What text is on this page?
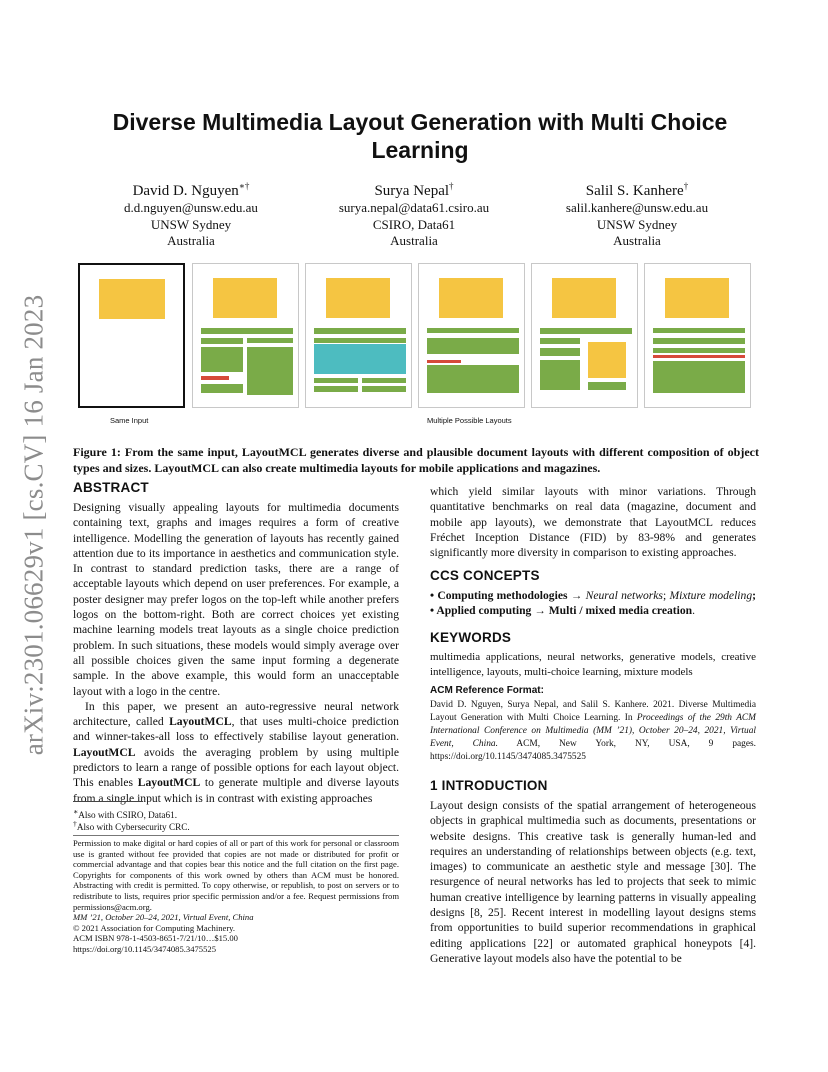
arXiv:2301.06629v1 [cs.CV] 16 Jan 2023
Diverse Multimedia Layout Generation with Multi Choice Learning
David D. Nguyen∗†
d.d.nguyen@unsw.edu.au
UNSW Sydney
Australia
Surya Nepal†
surya.nepal@data61.csiro.au
CSIRO, Data61
Australia
Salil S. Kanhere†
salil.kanhere@unsw.edu.au
UNSW Sydney
Australia
Same Input	Multiple Possible Layouts
Figure 1: From the same input, LayoutMCL generates diverse and plausible document layouts with different composition of object types and sizes. LayoutMCL can also create multimedia layouts for mobile applications and magazines.
ABSTRACT

Designing visually appealing layouts for multimedia documents containing text, graphs and images requires a form of creative intelligence. Modelling the generation of layouts has recently gained attention due to its importance in aesthetics and communication style. In contrast to standard prediction tasks, there are a range of acceptable layouts which depend on user preferences. For example, a poster designer may prefer logos on the top-left while another prefers logos on the bottom-right. Both are correct choices yet existing machine learning models treat layouts as a single choice prediction problem. In such situations, these models would simply average over all possible choices given the same input forming a degenerate sample. In the above example, this would form an unacceptable layout with a logo in the centre.

In this paper, we present an auto-regressive neural network architecture, called LayoutMCL, that uses multi-choice prediction and winner-takes-all loss to effectively stabilise layout generation. LayoutMCL avoids the averaging problem by using multiple predictors to learn a range of possible options for each layout object. This enables LayoutMCL to generate multiple and diverse layouts from a single input which is in contrast with existing approaches

∗Also with CSIRO, Data61.
†Also with Cybersecurity CRC.
Permission to make digital or hard copies of all or part of this work for personal or classroom use is granted without fee provided that copies are not made or distributed for profit or commercial advantage and that copies bear this notice and the full citation on the first page. Copyrights for components of this work owned by others than ACM must be honored. Abstracting with credit is permitted. To copy otherwise, or republish, to post on servers or to redistribute to lists, requires prior specific permission and/or a fee. Request permissions from permissions@acm.org.
MM ’21, October 20–24, 2021, Virtual Event, China
© 2021 Association for Computing Machinery.
ACM ISBN 978-1-4503-8651-7/21/10…$15.00
https://doi.org/10.1145/3474085.3475525
which yield similar layouts with minor variations. Through quantitative benchmarks on real data (magazine, document and mobile app layouts), we demonstrate that LayoutMCL reduces Fréchet Inception Distance (FID) by 83-98% and generates significantly more diversity in comparison to existing approaches.
CCS CONCEPTS
• Computing methodologies → Neural networks; Mixture modeling; • Applied computing → Multi / mixed media creation.
KEYWORDS
multimedia applications, neural networks, generative models, creative intelligence, layouts, multi-choice learning, mixture models
ACM Reference Format:
David D. Nguyen, Surya Nepal, and Salil S. Kanhere. 2021. Diverse Multimedia Layout Generation with Multi Choice Learning. In Proceedings of the 29th ACM International Conference on Multimedia (MM ’21), October 20–24, 2021, Virtual Event, China. ACM, New York, NY, USA, 9 pages. https://doi.org/10.1145/3474085.3475525
1 INTRODUCTION
Layout design consists of the spatial arrangement of heterogeneous objects in graphical multimedia such as documents, presentations or website designs. This creative task is generally human-led and requires an understanding of relationships between objects (e.g. text, images) to communicate an aesthetic style and message [30]. The resurgence of neural networks has led to projects that seek to mimic human creative intelligence by learning patterns in visually appealing designs [8, 25]. Recent interest in modelling layout designs stems from opportunities to build superior recommendations in graphical editing applications [22] or automated graphical honeypots [4]. Generative layout models also have the potential to be
